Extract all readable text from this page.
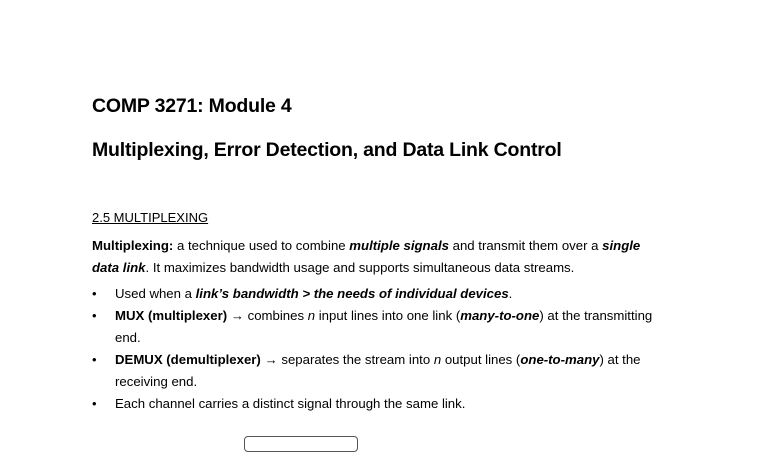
COMP 3271: Module 4
Multiplexing, Error Detection, and Data Link Control
2.5 MULTIPLEXING
Multiplexing: a technique used to combine multiple signals and transmit them over a single
data link. It maximizes bandwidth usage and supports simultaneous data streams.
•	Used when a link’s bandwidth > the needs of individual devices.
•	MUX (multiplexer) → combines n input lines into one link (many-to-one) at the transmitting
end.
•	DEMUX (demultiplexer) → separates the stream into n output lines (one-to-many) at the
receiving end.
•	Each channel carries a distinct signal through the same link.
